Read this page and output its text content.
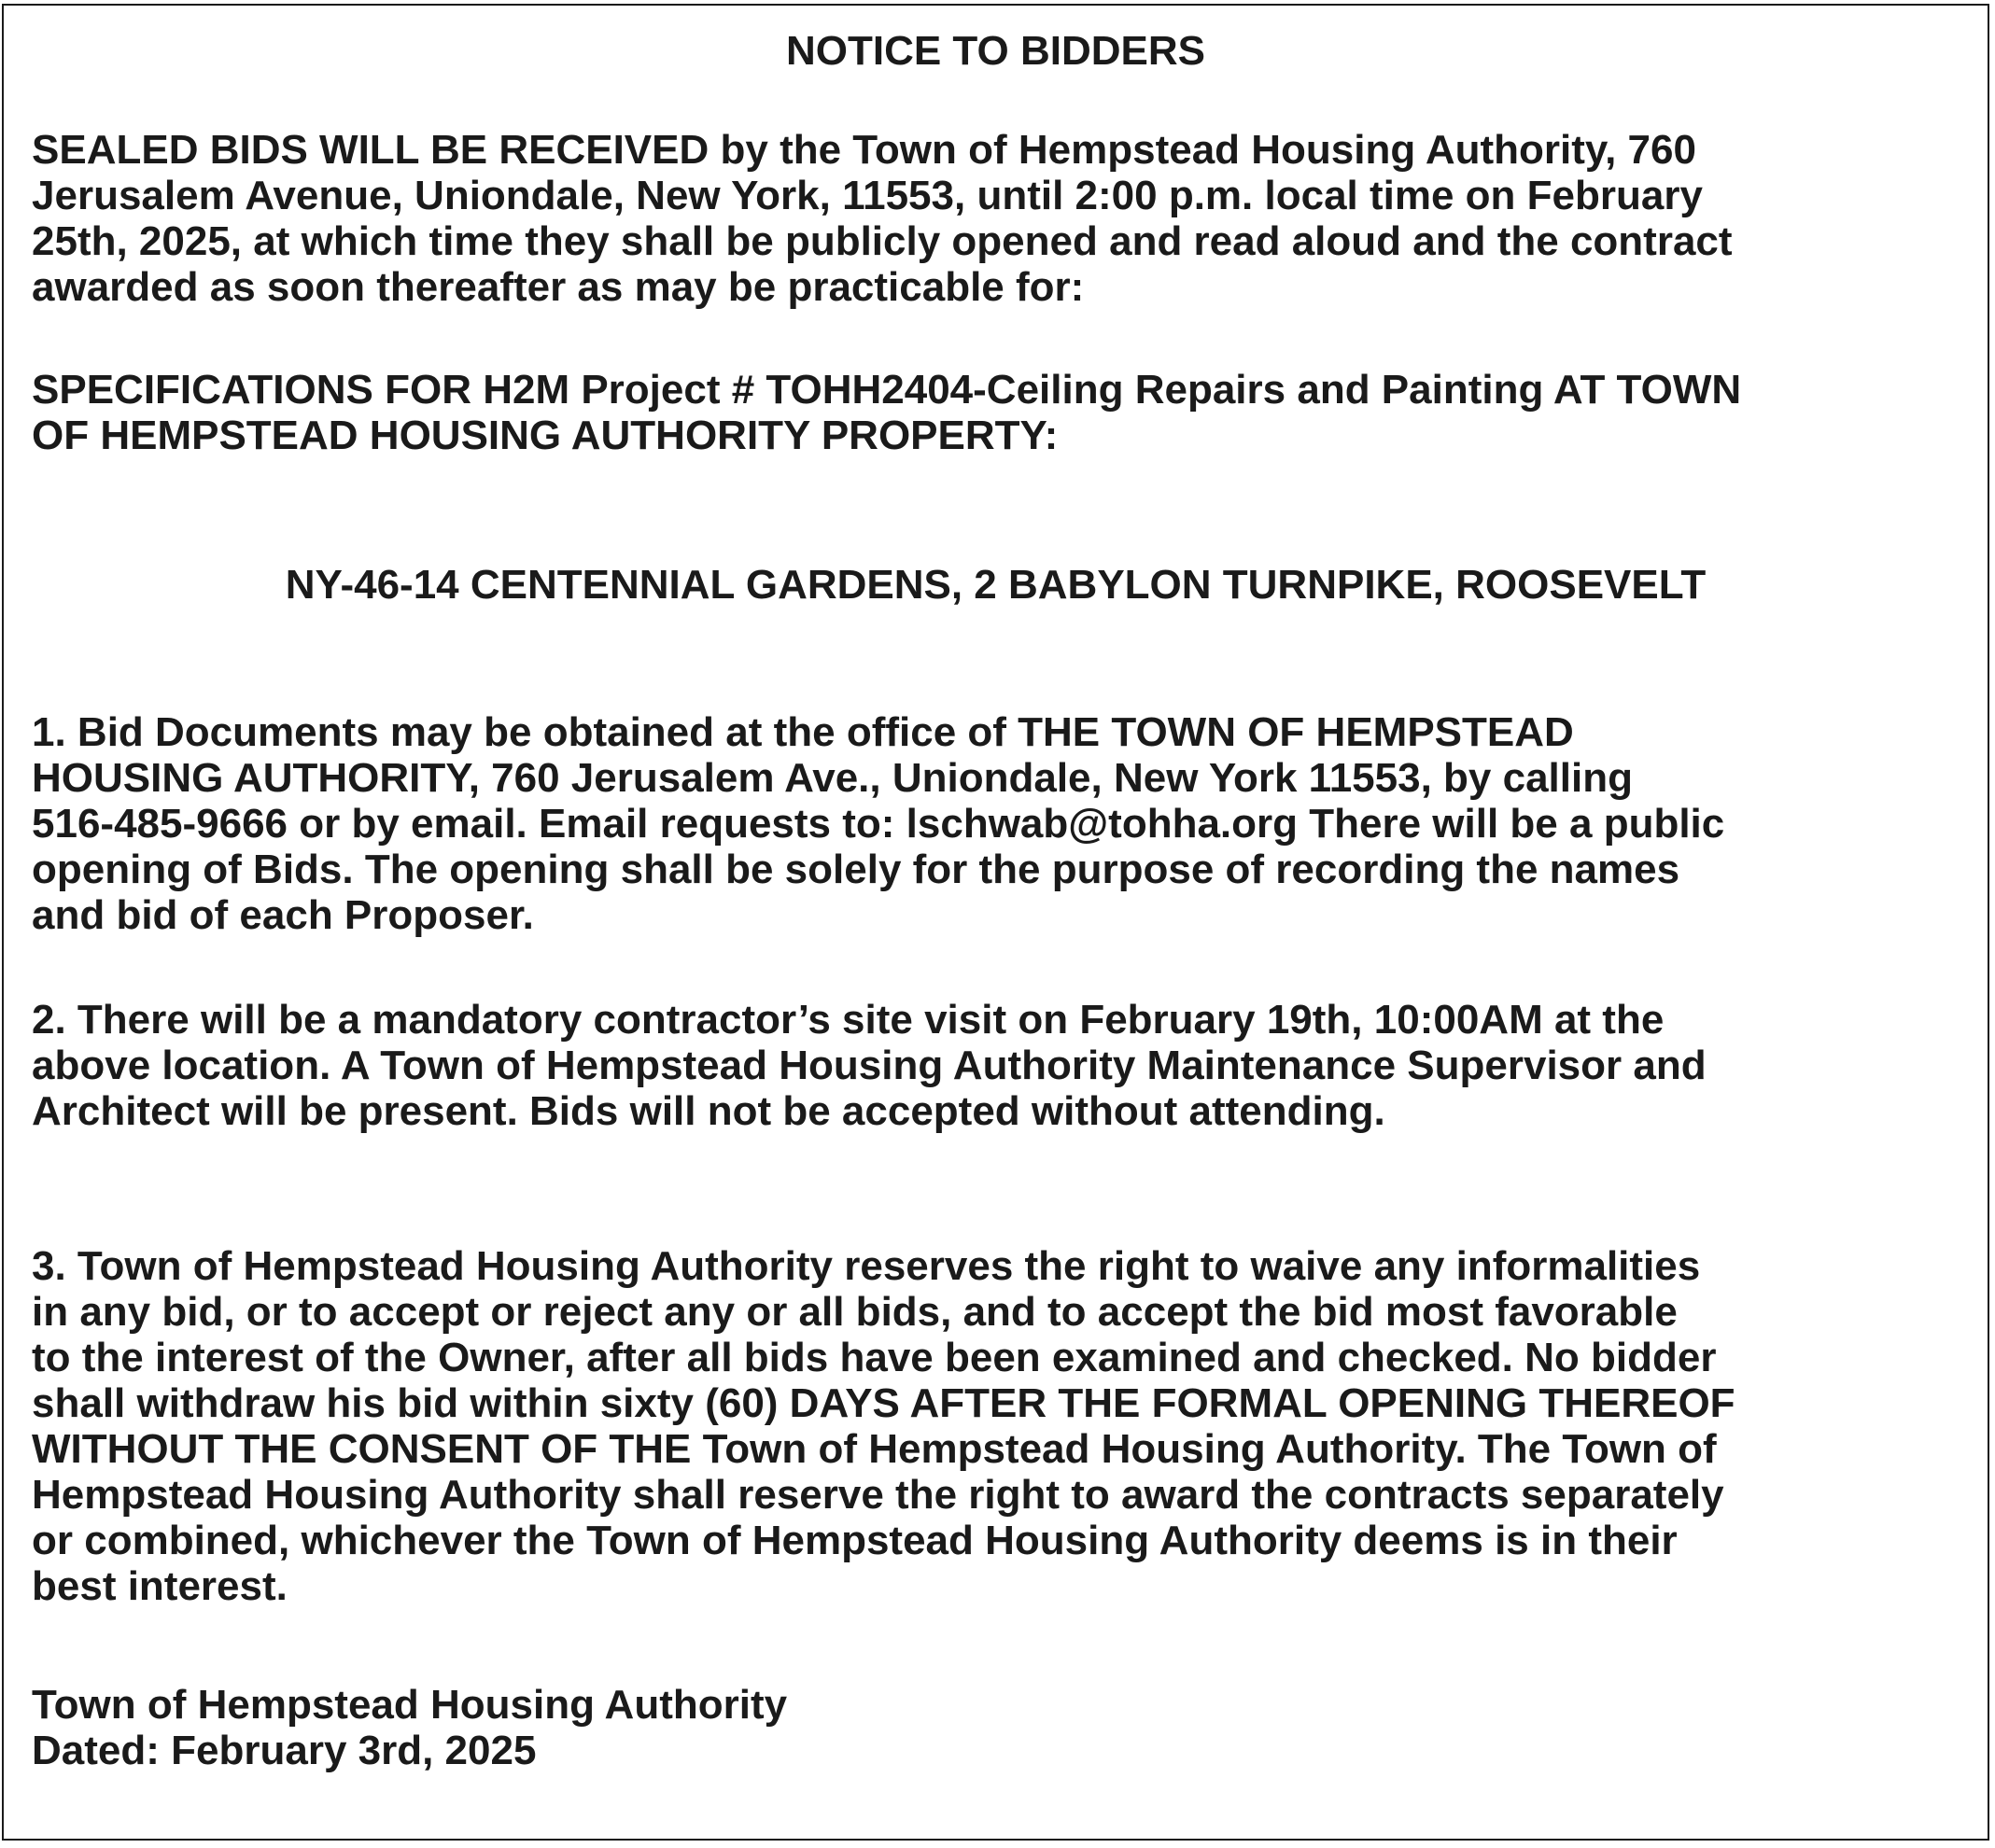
NOTICE TO BIDDERS

SEALED BIDS WILL BE RECEIVED by the Town of Hempstead Housing Authority, 760
Jerusalem Avenue, Uniondale, New York, 11553, until 2:00 p.m. local time on February
25th, 2025, at which time they shall be publicly opened and read aloud and the contract
awarded as soon thereafter as may be practicable for:

SPECIFICATIONS FOR H2M Project # TOHH2404-Ceiling Repairs and Painting AT TOWN
OF HEMPSTEAD HOUSING AUTHORITY PROPERTY:

NY-46-14 CENTENNIAL GARDENS, 2 BABYLON TURNPIKE, ROOSEVELT

1. Bid Documents may be obtained at the office of THE TOWN OF HEMPSTEAD
HOUSING AUTHORITY, 760 Jerusalem Ave., Uniondale, New York 11553, by calling
516-485-9666 or by email. Email requests to: lschwab@tohha.org There will be a public
opening of Bids. The opening shall be solely for the purpose of recording the names
and bid of each Proposer.

2. There will be a mandatory contractor’s site visit on February 19th, 10:00AM at the
above location. A Town of Hempstead Housing Authority Maintenance Supervisor and
Architect will be present. Bids will not be accepted without attending.

3. Town of Hempstead Housing Authority reserves the right to waive any informalities
in any bid, or to accept or reject any or all bids, and to accept the bid most favorable
to the interest of the Owner, after all bids have been examined and checked. No bidder
shall withdraw his bid within sixty (60) DAYS AFTER THE FORMAL OPENING THEREOF
WITHOUT THE CONSENT OF THE Town of Hempstead Housing Authority. The Town of
Hempstead Housing Authority shall reserve the right to award the contracts separately
or combined, whichever the Town of Hempstead Housing Authority deems is in their
best interest.

Town of Hempstead Housing Authority
Dated: February 3rd, 2025
